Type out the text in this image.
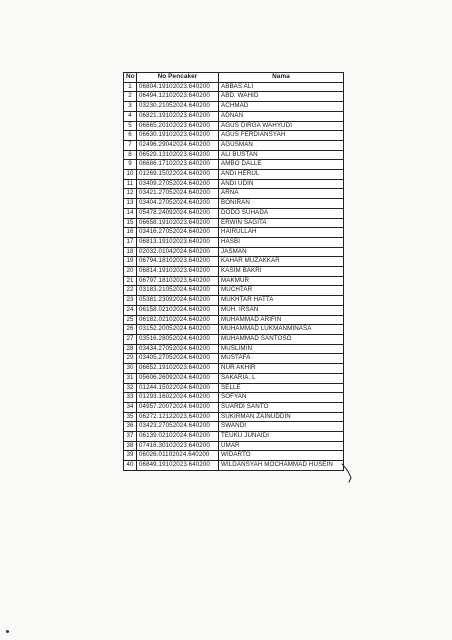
No	No Pencaker	Nama
1	06804.19102023.640200	ABBAS ALI
2	06494.12102023.640200	ABD. WAHID
3	03230.21052024.640200	ACHMAD
4	06821.19102023.640200	ADNAN
5	06665.20102023.640200	AGUS DIRGA WAHYUDI
6	06630.19102023.640200	AGUS FERDIANSYAH
7	02496.29042024.640200	AGUSMAN
8	06529.13102023.640200	ALI BUSTAN
9	06686.17102023.640200	AMBO DALLE
10	01269.15022024.640200	ANDI HERUL
11	03409.27052024.640200	ANDI UDIN
12	03421.27052024.640200	ARNA
13	03404.27052024.640200	BONIRAN
14	05478.24092024.640200	DODO SUHADA
15	06658.19102023.640200	ERWIN SAGITA
16	03416.27052024.640200	HAIRULLAH
17	06813.19102023.640200	HASBI
18	02032.01042024.640200	JASMAN
19	06794.18102023.640200	KAHAR MUZAKKAR
20	06814.19102023.640200	KASIM BAKRI
21	06797.18102023.640200	MAKMUR
22	03183.21052024.640200	MUCHTAR
23	05381.23092024.640200	MUKHTAR HATTA
24	06158.02102024.640200	MUH. IRSAN
25	06182.02102024.640200	MUHAMMAD ARIFIN
26	03152.20052024.640200	MUHAMMAD LUKMANMINASA
27	03516.28052024.640200	MUHAMMAD SANTOSO
28	03434.27052024.640200	MUSLIMIN
29	03405.27052024.640200	MUSTAFA
30	06652.19102023.640200	NUR AKHIR
31	05606.26092024.640200	SAKARIA. L
32	01244.15022024.640200	SELLE
33	01293.16022024.640200	SOFYAN
34	04957.20072024.640200	SUARDI SANTO
35	06272.12122023.640200	SUKIRMAN ZAINUDDIN
36	03423.27052024.640200	SWANDI
37	06139.02102024.640200	TEUKU JUNAIDI
38	07416.30102023.640200	UMAR
39	06026.01102024.640200	WIDARTO
40	06849.19102023.640200	WILDANSYAH MOCHAMMAD HUSEIN
